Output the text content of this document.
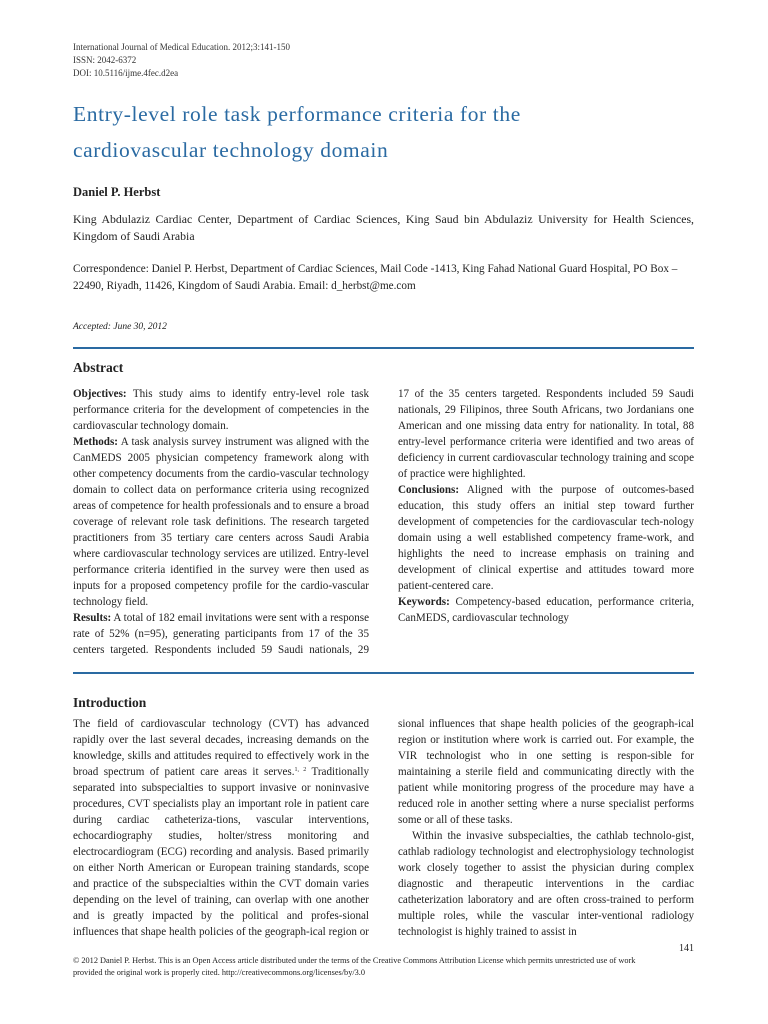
International Journal of Medical Education. 2012;3:141-150
ISSN: 2042-6372
DOI: 10.5116/ijme.4fec.d2ea
Entry-level role task performance criteria for the
cardiovascular technology domain
Daniel P. Herbst
King Abdulaziz Cardiac Center, Department of Cardiac Sciences, King Saud bin Abdulaziz University for Health Sciences, Kingdom of Saudi Arabia
Correspondence: Daniel P. Herbst, Department of Cardiac Sciences, Mail Code -1413, King Fahad National Guard Hospital, PO Box – 22490, Riyadh, 11426, Kingdom of Saudi Arabia. Email: d_herbst@me.com
Accepted: June 30, 2012
Abstract

Objectives: This study aims to identify entry-level role task performance criteria for the development of competencies in the cardiovascular technology domain.
Methods: A task analysis survey instrument was aligned with the CanMEDS 2005 physician competency framework along with other competency documents from the cardio-vascular technology domain to collect data on performance criteria using recognized areas of competence for health professionals and to ensure a broad coverage of relevant role task definitions. The research targeted practitioners from 35 tertiary care centers across Saudi Arabia where cardiovascular technology services are utilized. Entry-level performance criteria identified in the survey were then used as inputs for a proposed competency profile for the cardio-vascular technology field.
Results: A total of 182 email invitations were sent with a response rate of 52% (n=95), generating participants from 17 of the 35 centers targeted. Respondents included 59 Saudi nationals, 29

17 of the 35 centers targeted. Respondents included 59 Saudi nationals, 29 Filipinos, three South Africans, two Jordanians one American and one missing data entry for nationality. In total, 88 entry-level performance criteria were identified and two areas of deficiency in current cardiovascular technology training and scope of practice were highlighted.
Conclusions: Aligned with the purpose of outcomes-based education, this study offers an initial step toward further development of competencies for the cardiovascular tech-nology domain using a well established competency frame-work, and highlights the need to increase emphasis on training and development of clinical expertise and attitudes toward more patient-centered care.
Keywords: Competency-based education, performance criteria, CanMEDS, cardiovascular technology

Introduction

The field of cardiovascular technology (CVT) has advanced rapidly over the last several decades, increasing demands on the knowledge, skills and attitudes required to effectively work in the broad spectrum of patient care areas it serves.$^{1, 2}$ Traditionally separated into subspecialties to support invasive or noninvasive procedures, CVT specialists play an important role in patient care during cardiac catheteriza-tions, vascular interventions, echocardiography studies, holter/stress monitoring and electrocardiogram (ECG) recording and analysis. Based primarily on either North American or European training standards, scope and practice of the subspecialties within the CVT domain varies depending on the level of training, can overlap with one another and is greatly impacted by the political and profes-sional influences that shape health policies of the geograph-ical region or

sional influences that shape health policies of the geograph-ical region or institution where work is carried out. For example, the VIR technologist who in one setting is respon-sible for maintaining a sterile field and communicating directly with the patient while monitoring progress of the procedure may have a reduced role in another setting where a nurse specialist performs some or all of these tasks.

Within the invasive subspecialties, the cathlab technolo-gist, cathlab radiology technologist and electrophysiology technologist work closely together to assist the physician during complex diagnostic and therapeutic interventions in the cardiac catheterization laboratory and are often cross-trained to perform multiple roles, while the vascular inter-ventional radiology technologist is highly trained to assist in

141
© 2012 Daniel P. Herbst. This is an Open Access article distributed under the terms of the Creative Commons Attribution License which permits unrestricted use of work
provided the original work is properly cited. http://creativecommons.org/licenses/by/3.0
